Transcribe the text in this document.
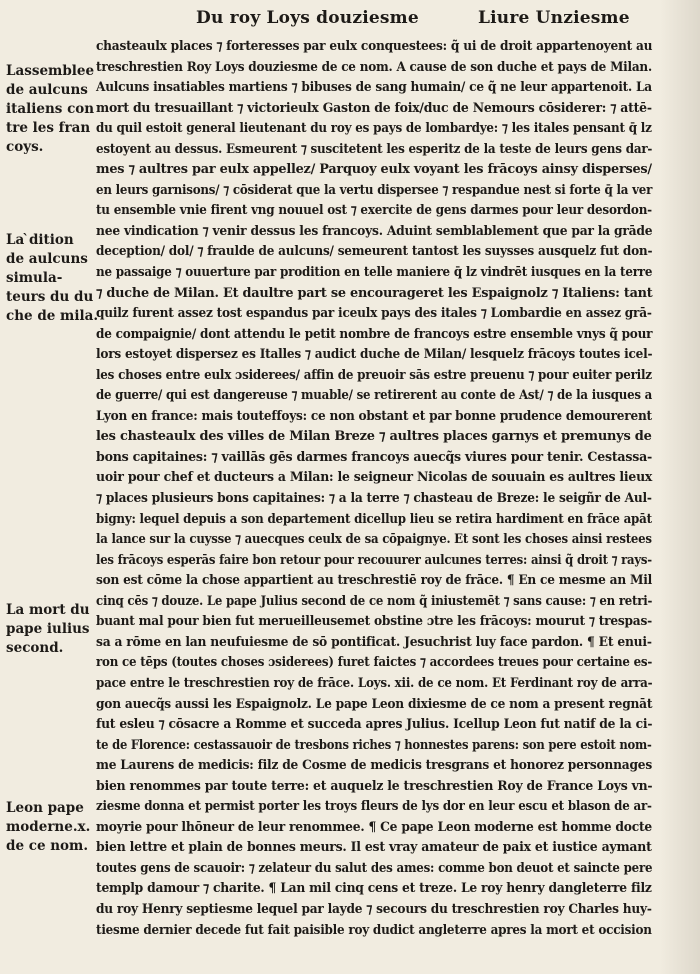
Du roy Loys douziesme	Liure Unziesme
Lassemblee
de aulcuns
italiens con
tre les fran
coys.
La ̀dition
de aulcuns
simula-
teurs du du
che de mila.
La mort du
pape iulius
second.
Leon pape
moderne.x.
de ce nom.
chasteaulx places ⁊ forteresses par eulx conquestees: q̃ ui de droit appartenoyent au
treschrestien Roy Loys douziesme de ce nom. A cause de son duche et pays de Milan.
Aulcuns insatiables martiens ⁊ bibuses de sang humain/ ce q̃ ne leur appartenoit. La
mort du tresuaillant ⁊ victorieulx Gaston de foix/duc de Nemours cōsiderer: ⁊ attē-
du quil estoit general lieutenant du roy es pays de lombardye: ⁊ les itales pensant q̄ lz
estoyent au dessus. Esmeurent ⁊ suscitetent les esperitz de la teste de leurs gens dar-
mes ⁊ aultres par eulx appellez/ Parquoy eulx voyant les frācoys ainsy disperses/
en leurs garnisons/ ⁊ cōsiderat que la vertu dispersee ⁊ respandue nest si forte q̄ la ver
tu ensemble vnie firent vng nouuel ost ⁊ exercite de gens darmes pour leur desordon-
nee vindication ⁊ venir dessus les francoys. Aduint semblablement que par la grāde
deception/ dol/ ⁊ fraulde de aulcuns/ semeurent tantost les suysses ausquelz fut don-
ne passaige ⁊ ouuerture par prodition en telle maniere q̄ lz vindrēt iusques en la terre
⁊ duche de Milan. Et daultre part se encourageret les Espaignolz ⁊ Italiens: tant
quilz furent assez tost espandus par iceulx pays des itales ⁊ Lombardie en assez grā-
de compaignie/ dont attendu le petit nombre de francoys estre ensemble vnys q̃ pour
lors estoyet dispersez es Italles ⁊ audict duche de Milan/ lesquelz frācoys toutes icel-
les choses entre eulx ɔsiderees/ affin de preuoir sās estre preuenu ⁊ pour euiter perilz
de guerre/ qui est dangereuse ⁊ muable/ se retirerent au conte de Ast/ ⁊ de la iusques a
Lyon en france: mais touteffoys: ce non obstant et par bonne prudence demourerent
les chasteaulx des villes de Milan Breze ⁊ aultres places garnys et premunys de
bons capitaines: ⁊ vaillās gēs darmes francoys auecq̃s viures pour tenir. Cestassa-
uoir pour chef et ducteurs a Milan: le seigneur Nicolas de souuain es aultres lieux
⁊ places plusieurs bons capitaines: ⁊ a la terre ⁊ chasteau de Breze: le seigñr de Aul-
bigny: lequel depuis a son departement dicellup lieu se retira hardiment en frāce apāt
la lance sur la cuysse ⁊ auecques ceulx de sa cōpaignye. Et sont les choses ainsi restees
les frācoys esperās faire bon retour pour recouurer aulcunes terres: ainsi q̃ droit ⁊ rays-
son est cōme la chose appartient au treschrestiē roy de frāce. ¶ En ce mesme an Mil
cinq cēs ⁊ douze. Le pape Julius second de ce nom q̃ iniustemēt ⁊ sans cause: ⁊ en retri-
buant mal pour bien fut merueilleusemet obstine ɔtre les frācoys: mourut ⁊ trespas-
sa a rōme en lan neufuiesme de sō pontificat. Jesuchrist luy face pardon. ¶ Et enui-
ron ce tēps (toutes choses ɔsiderees) furet faictes ⁊ accordees treues pour certaine es-
pace entre le treschrestien roy de frāce. Loys. xii. de ce nom. Et Ferdinant roy de arra-
gon auecq̃s aussi les Espaignolz. Le pape Leon dixiesme de ce nom a present regnāt
fut esleu ⁊ cōsacre a Romme et succeda apres Julius. Icellup Leon fut natif de la ci-
te de Florence: cestassauoir de tresbons riches ⁊ honnestes parens: son pere estoit nom-
me Laurens de medicis: filz de Cosme de medicis tresgrans et honorez personnages
bien renommes par toute terre: et auquelz le treschrestien Roy de France Loys vn-
ziesme donna et permist porter les troys fleurs de lys dor en leur escu et blason de ar-
moyrie pour lhōneur de leur renommee. ¶ Ce pape Leon moderne est homme docte
bien lettre et plain de bonnes meurs. Il est vray amateur de paix et iustice aymant
toutes gens de scauoir: ⁊ zelateur du salut des ames: comme bon deuot et saincte pere
templp damour ⁊ charite. ¶ Lan mil cinq cens et treze. Le roy henry dangleterre filz
du roy Henry septiesme lequel par layde ⁊ secours du treschrestien roy Charles huy-
tiesme dernier decede fut fait paisible roy dudict angleterre apres la mort et occision
